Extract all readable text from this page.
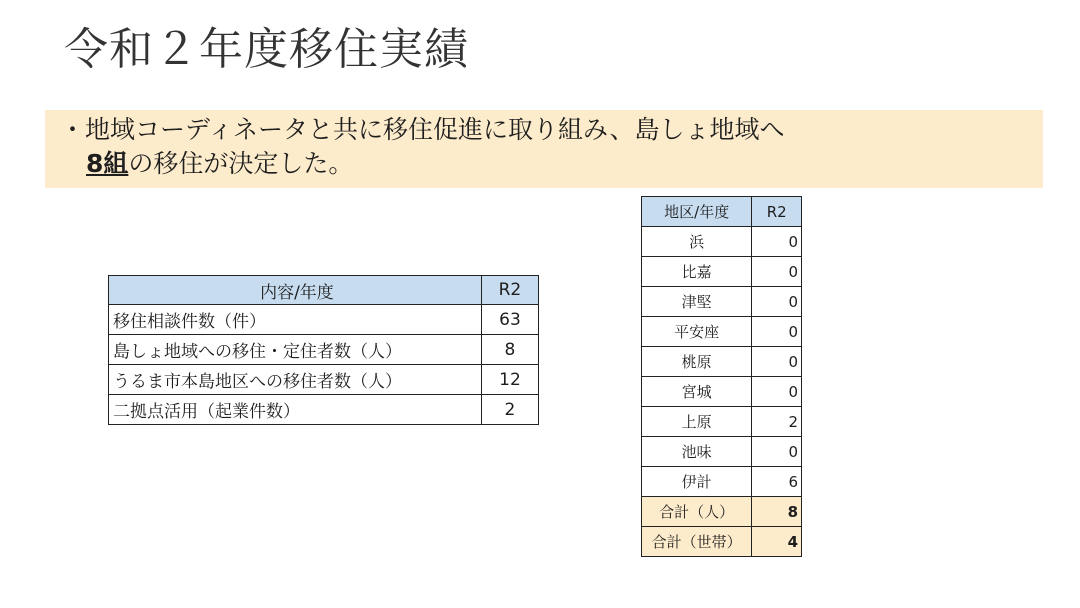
令和２年度移住実績
・地域コーディネータと共に移住促進に取り組み、島しょ地域へ
8組の移住が決定した。
内容/年度	R2
移住相談件数（件）	63
島しょ地域への移住・定住者数（人）	8
うるま市本島地区への移住者数（人）	12
二拠点活用（起業件数）	2
地区/年度	R2
浜	0
比嘉	0
津堅	0
平安座	0
桃原	0
宮城	0
上原	2
池味	0
伊計	6
合計（人）	8
合計（世帯）	4
